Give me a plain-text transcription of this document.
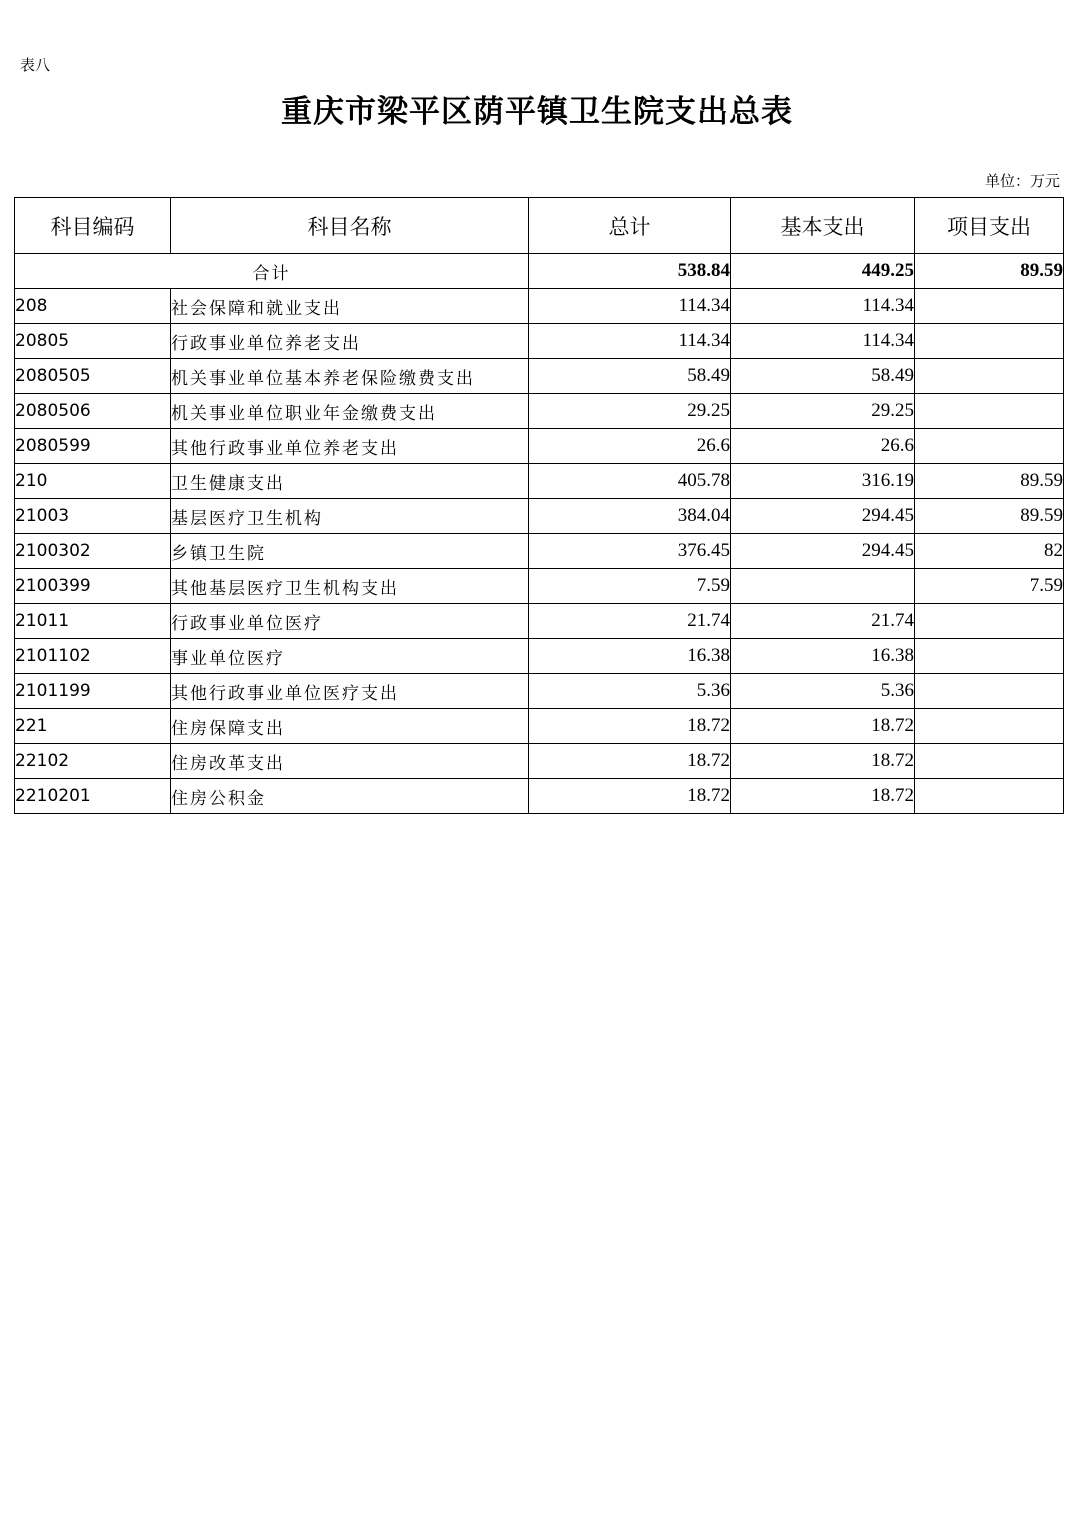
表八
重庆市梁平区荫平镇卫生院支出总表
单位：万元
科目编码	科目名称	总计	基本支出	项目支出
合计		538.84	449.25	89.59
208	社会保障和就业支出	114.34	114.34	
20805	行政事业单位养老支出	114.34	114.34	
2080505	机关事业单位基本养老保险缴费支出	58.49	58.49	
2080506	机关事业单位职业年金缴费支出	29.25	29.25	
2080599	其他行政事业单位养老支出	26.6	26.6	
210	卫生健康支出	405.78	316.19	89.59
21003	基层医疗卫生机构	384.04	294.45	89.59
2100302	乡镇卫生院	376.45	294.45	82
2100399	其他基层医疗卫生机构支出	7.59		7.59
21011	行政事业单位医疗	21.74	21.74	
2101102	事业单位医疗	16.38	16.38	
2101199	其他行政事业单位医疗支出	5.36	5.36	
221	住房保障支出	18.72	18.72	
22102	住房改革支出	18.72	18.72	
2210201	住房公积金	18.72	18.72	
